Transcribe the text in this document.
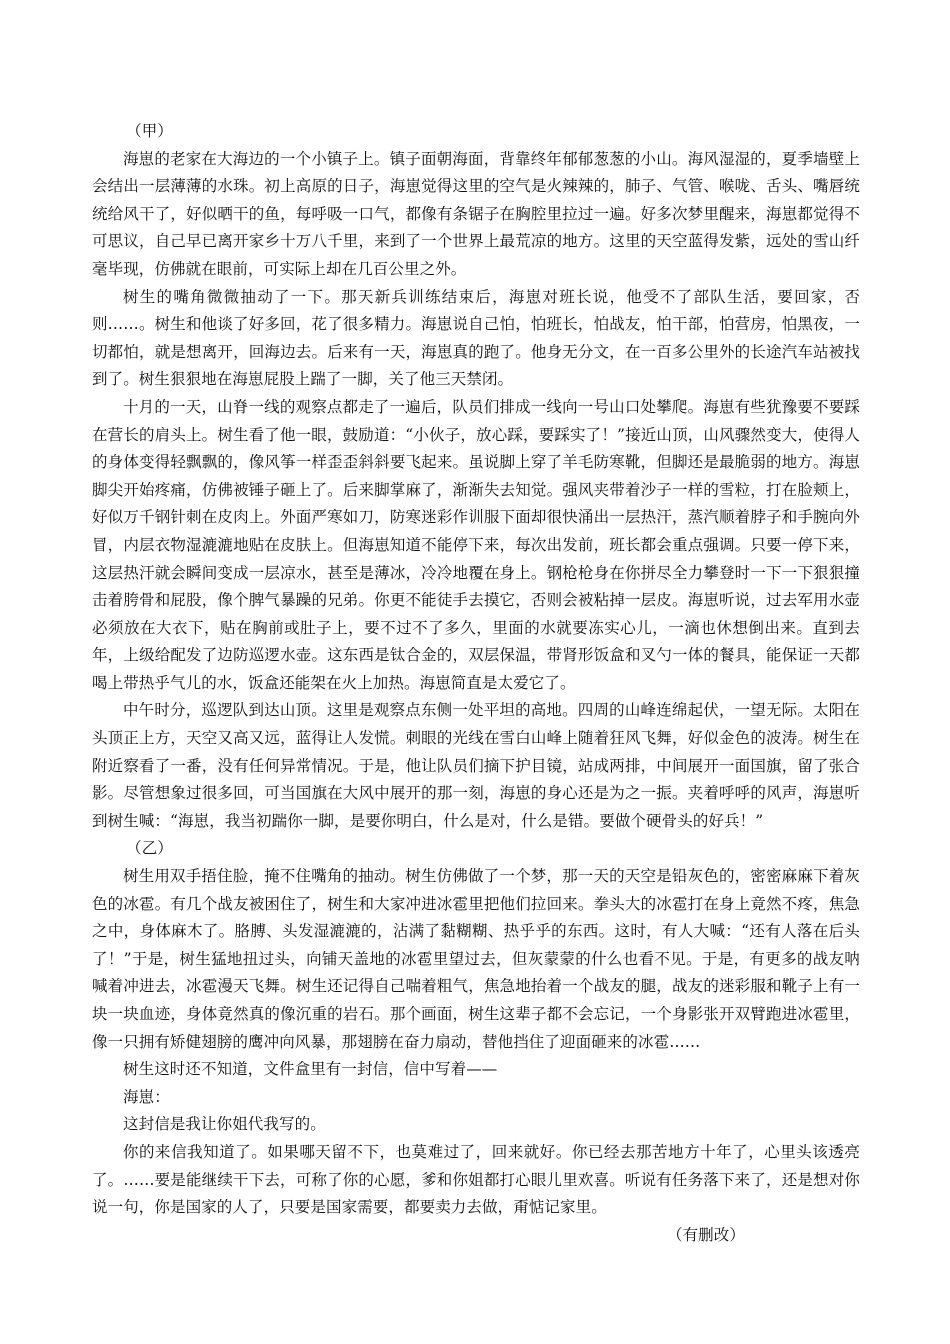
（甲）

海崽的老家在大海边的一个小镇子上。镇子面朝海面，背靠终年郁郁葱葱的小山。海风湿湿的，夏季墙壁上会结出一层薄薄的水珠。初上高原的日子，海崽觉得这里的空气是火辣辣的，肺子、气管、喉咙、舌头、嘴唇统统给风干了，好似晒干的鱼，每呼吸一口气，都像有条锯子在胸腔里拉过一遍。好多次梦里醒来，海崽都觉得不可思议，自己早已离开家乡十万八千里，来到了一个世界上最荒凉的地方。这里的天空蓝得发紫，远处的雪山纤毫毕现，仿佛就在眼前，可实际上却在几百公里之外。

树生的嘴角微微抽动了一下。那天新兵训练结束后，海崽对班长说，他受不了部队生活，要回家，否则……。树生和他谈了好多回，花了很多精力。海崽说自己怕，怕班长，怕战友，怕干部，怕营房，怕黑夜，一切都怕，就是想离开，回海边去。后来有一天，海崽真的跑了。他身无分文，在一百多公里外的长途汽车站被找到了。树生狠狠地在海崽屁股上踹了一脚，关了他三天禁闭。

十月的一天，山脊一线的观察点都走了一遍后，队员们排成一线向一号山口处攀爬。海崽有些犹豫要不要踩在营长的肩头上。树生看了他一眼，鼓励道：“小伙子，放心踩，要踩实了！”接近山顶，山风骤然变大，使得人的身体变得轻飘飘的，像风筝一样歪歪斜斜要飞起来。虽说脚上穿了羊毛防寒靴，但脚还是最脆弱的地方。海崽脚尖开始疼痛，仿佛被锤子砸上了。后来脚掌麻了，渐渐失去知觉。强风夹带着沙子一样的雪粒，打在脸颊上，好似万千钢针刺在皮肉上。外面严寒如刀，防寒迷彩作训服下面却很快涌出一层热汗，蒸汽顺着脖子和手腕向外冒，内层衣物湿漉漉地贴在皮肤上。但海崽知道不能停下来，每次出发前，班长都会重点强调。只要一停下来，这层热汗就会瞬间变成一层凉水，甚至是薄冰，冷冷地覆在身上。钢枪枪身在你拼尽全力攀登时一下一下狠狠撞击着胯骨和屁股，像个脾气暴躁的兄弟。你更不能徒手去摸它，否则会被粘掉一层皮。海崽听说，过去军用水壶必须放在大衣下，贴在胸前或肚子上，要不过不了多久，里面的水就要冻实心儿，一滴也休想倒出来。直到去年，上级给配发了边防巡逻水壶。这东西是钛合金的，双层保温，带肾形饭盒和叉勺一体的餐具，能保证一天都喝上带热乎气儿的水，饭盒还能架在火上加热。海崽简直是太爱它了。

中午时分，巡逻队到达山顶。这里是观察点东侧一处平坦的高地。四周的山峰连绵起伏，一望无际。太阳在头顶正上方，天空又高又远，蓝得让人发慌。刺眼的光线在雪白山峰上随着狂风飞舞，好似金色的波涛。树生在附近察看了一番，没有任何异常情况。于是，他让队员们摘下护目镜，站成两排，中间展开一面国旗，留了张合影。尽管想象过很多回，可当国旗在大风中展开的那一刻，海崽的身心还是为之一振。夹着呼呼的风声，海崽听到树生喊：“海崽，我当初踹你一脚，是要你明白，什么是对，什么是错。要做个硬骨头的好兵！”

（乙）

树生用双手捂住脸，掩不住嘴角的抽动。树生仿佛做了一个梦，那一天的天空是铅灰色的，密密麻麻下着灰色的冰雹。有几个战友被困住了，树生和大家冲进冰雹里把他们拉回来。拳头大的冰雹打在身上竟然不疼，焦急之中，身体麻木了。胳膊、头发湿漉漉的，沾满了黏糊糊、热乎乎的东西。这时，有人大喊：“还有人落在后头了！”于是，树生猛地扭过头，向铺天盖地的冰雹里望过去，但灰蒙蒙的什么也看不见。于是，有更多的战友呐喊着冲进去，冰雹漫天飞舞。树生还记得自己喘着粗气，焦急地抬着一个战友的腿，战友的迷彩服和靴子上有一块一块血迹，身体竟然真的像沉重的岩石。那个画面，树生这辈子都不会忘记，一个身影张开双臂跑进冰雹里，像一只拥有矫健翅膀的鹰冲向风暴，那翅膀在奋力扇动，替他挡住了迎面砸来的冰雹……

树生这时还不知道，文件盒里有一封信，信中写着——

海崽：

这封信是我让你姐代我写的。

你的来信我知道了。如果哪天留不下，也莫难过了，回来就好。你已经去那苦地方十年了，心里头该透亮了。……要是能继续干下去，可称了你的心愿，爹和你姐都打心眼儿里欢喜。听说有任务落下来了，还是想对你说一句，你是国家的人了，只要是国家需要，都要卖力去做，甭惦记家里。

（有删改）
